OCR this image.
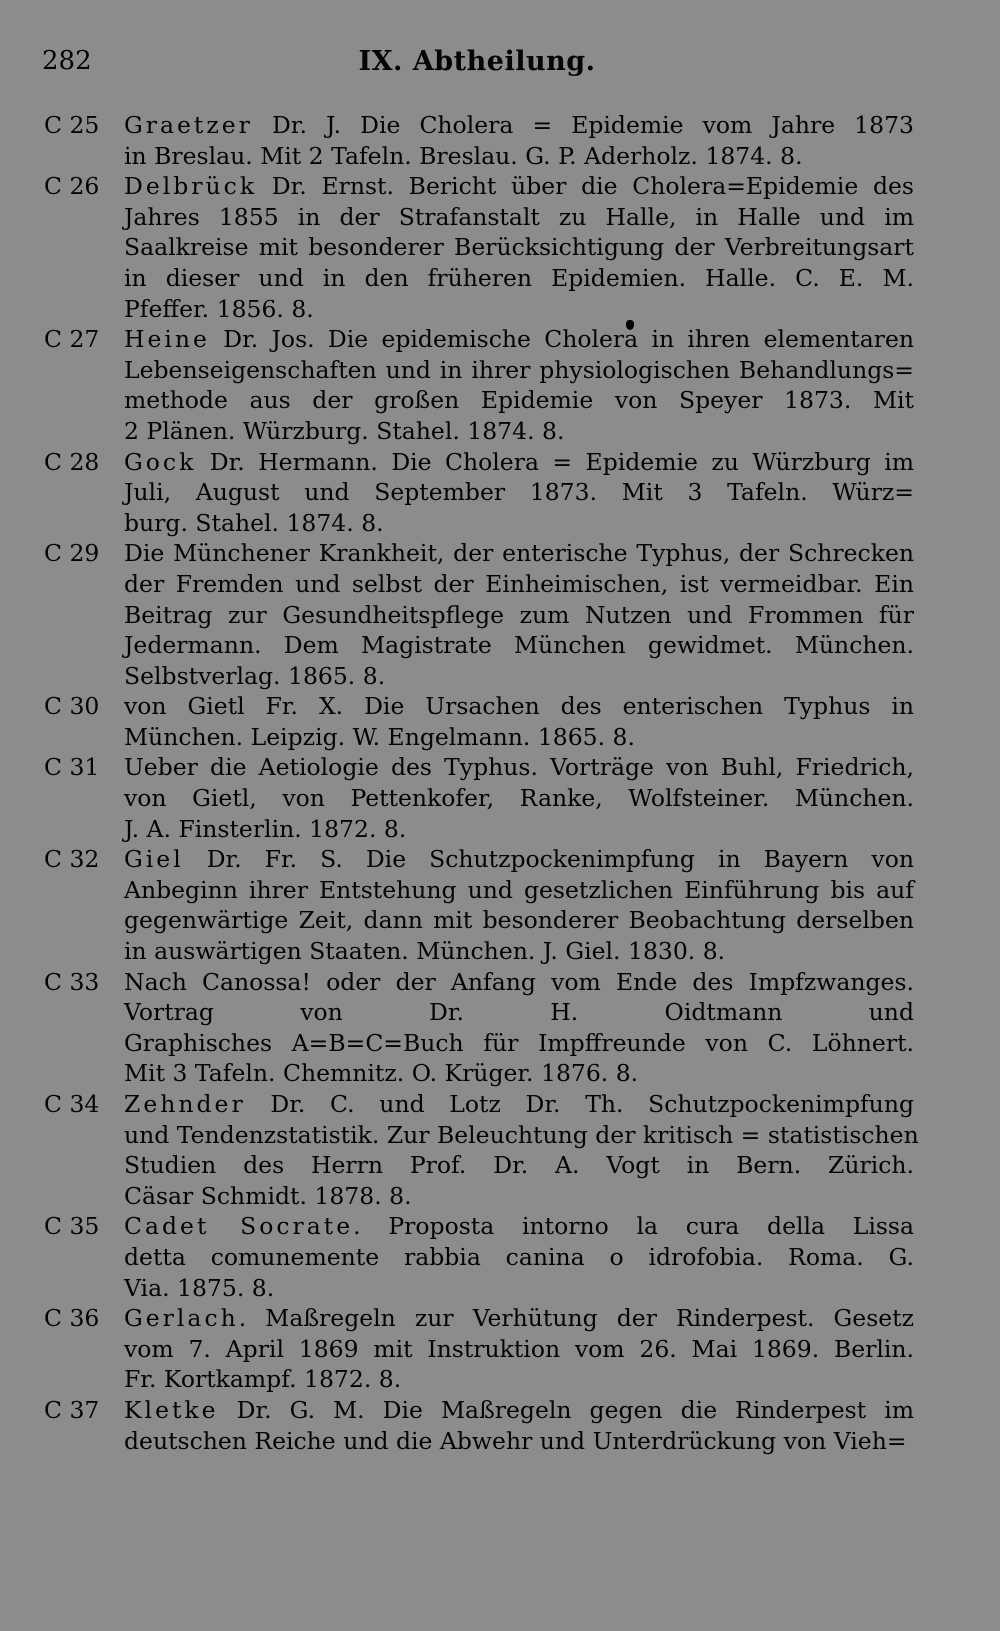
282	IX. Abtheilung.
C 25	Graetzer Dr. J. Die Cholera = Epidemie vom Jahre 1873
in Breslau. Mit 2 Tafeln. Breslau. G. P. Aderholz. 1874. 8.
C 26	Delbrück Dr. Ernst. Bericht über die Cholera=Epidemie des
Jahres 1855 in der Strafanstalt zu Halle, in Halle und im
Saalkreise mit besonderer Berücksichtigung der Verbreitungsart
in dieser und in den früheren Epidemien. Halle. C. E. M.
Pfeffer. 1856. 8.
C 27	Heine Dr. Jos. Die epidemische Cholera in ihren elementaren
Lebenseigenschaften und in ihrer physiologischen Behandlungs=
methode aus der großen Epidemie von Speyer 1873. Mit
2 Plänen. Würzburg. Stahel. 1874. 8.
C 28	Gock Dr. Hermann. Die Cholera = Epidemie zu Würzburg im
Juli, August und September 1873. Mit 3 Tafeln. Würz=
burg. Stahel. 1874. 8.
C 29	Die Münchener Krankheit, der enterische Typhus, der Schrecken
der Fremden und selbst der Einheimischen, ist vermeidbar. Ein
Beitrag zur Gesundheitspflege zum Nutzen und Frommen für
Jedermann. Dem Magistrate München gewidmet. München.
Selbstverlag. 1865. 8.
C 30	von Gietl Fr. X. Die Ursachen des enterischen Typhus in
München. Leipzig. W. Engelmann. 1865. 8.
C 31	Ueber die Aetiologie des Typhus. Vorträge von Buhl, Friedrich,
von Gietl, von Pettenkofer, Ranke, Wolfsteiner. München.
J. A. Finsterlin. 1872. 8.
C 32	Giel Dr. Fr. S. Die Schutzpockenimpfung in Bayern von
Anbeginn ihrer Entstehung und gesetzlichen Einführung bis auf
gegenwärtige Zeit, dann mit besonderer Beobachtung derselben
in auswärtigen Staaten. München. J. Giel. 1830. 8.
C 33	Nach Canossa! oder der Anfang vom Ende des Impfzwanges.
Vortrag von Dr. H. Oidtmann und
Graphisches A=B=C=Buch für Impffreunde von C. Löhnert.
Mit 3 Tafeln. Chemnitz. O. Krüger. 1876. 8.
C 34	Zehnder Dr. C. und Lotz Dr. Th. Schutzpockenimpfung
und Tendenzstatistik. Zur Beleuchtung der kritisch = statistischen
Studien des Herrn Prof. Dr. A. Vogt in Bern. Zürich.
Cäsar Schmidt. 1878. 8.
C 35	Cadet Socrate. Proposta intorno la cura della Lissa
detta comunemente rabbia canina o idrofobia. Roma. G.
Via. 1875. 8.
C 36	Gerlach. Maßregeln zur Verhütung der Rinderpest. Gesetz
vom 7. April 1869 mit Instruktion vom 26. Mai 1869. Berlin.
Fr. Kortkampf. 1872. 8.
C 37	Kletke Dr. G. M. Die Maßregeln gegen die Rinderpest im
deutschen Reiche und die Abwehr und Unterdrückung von Vieh=
